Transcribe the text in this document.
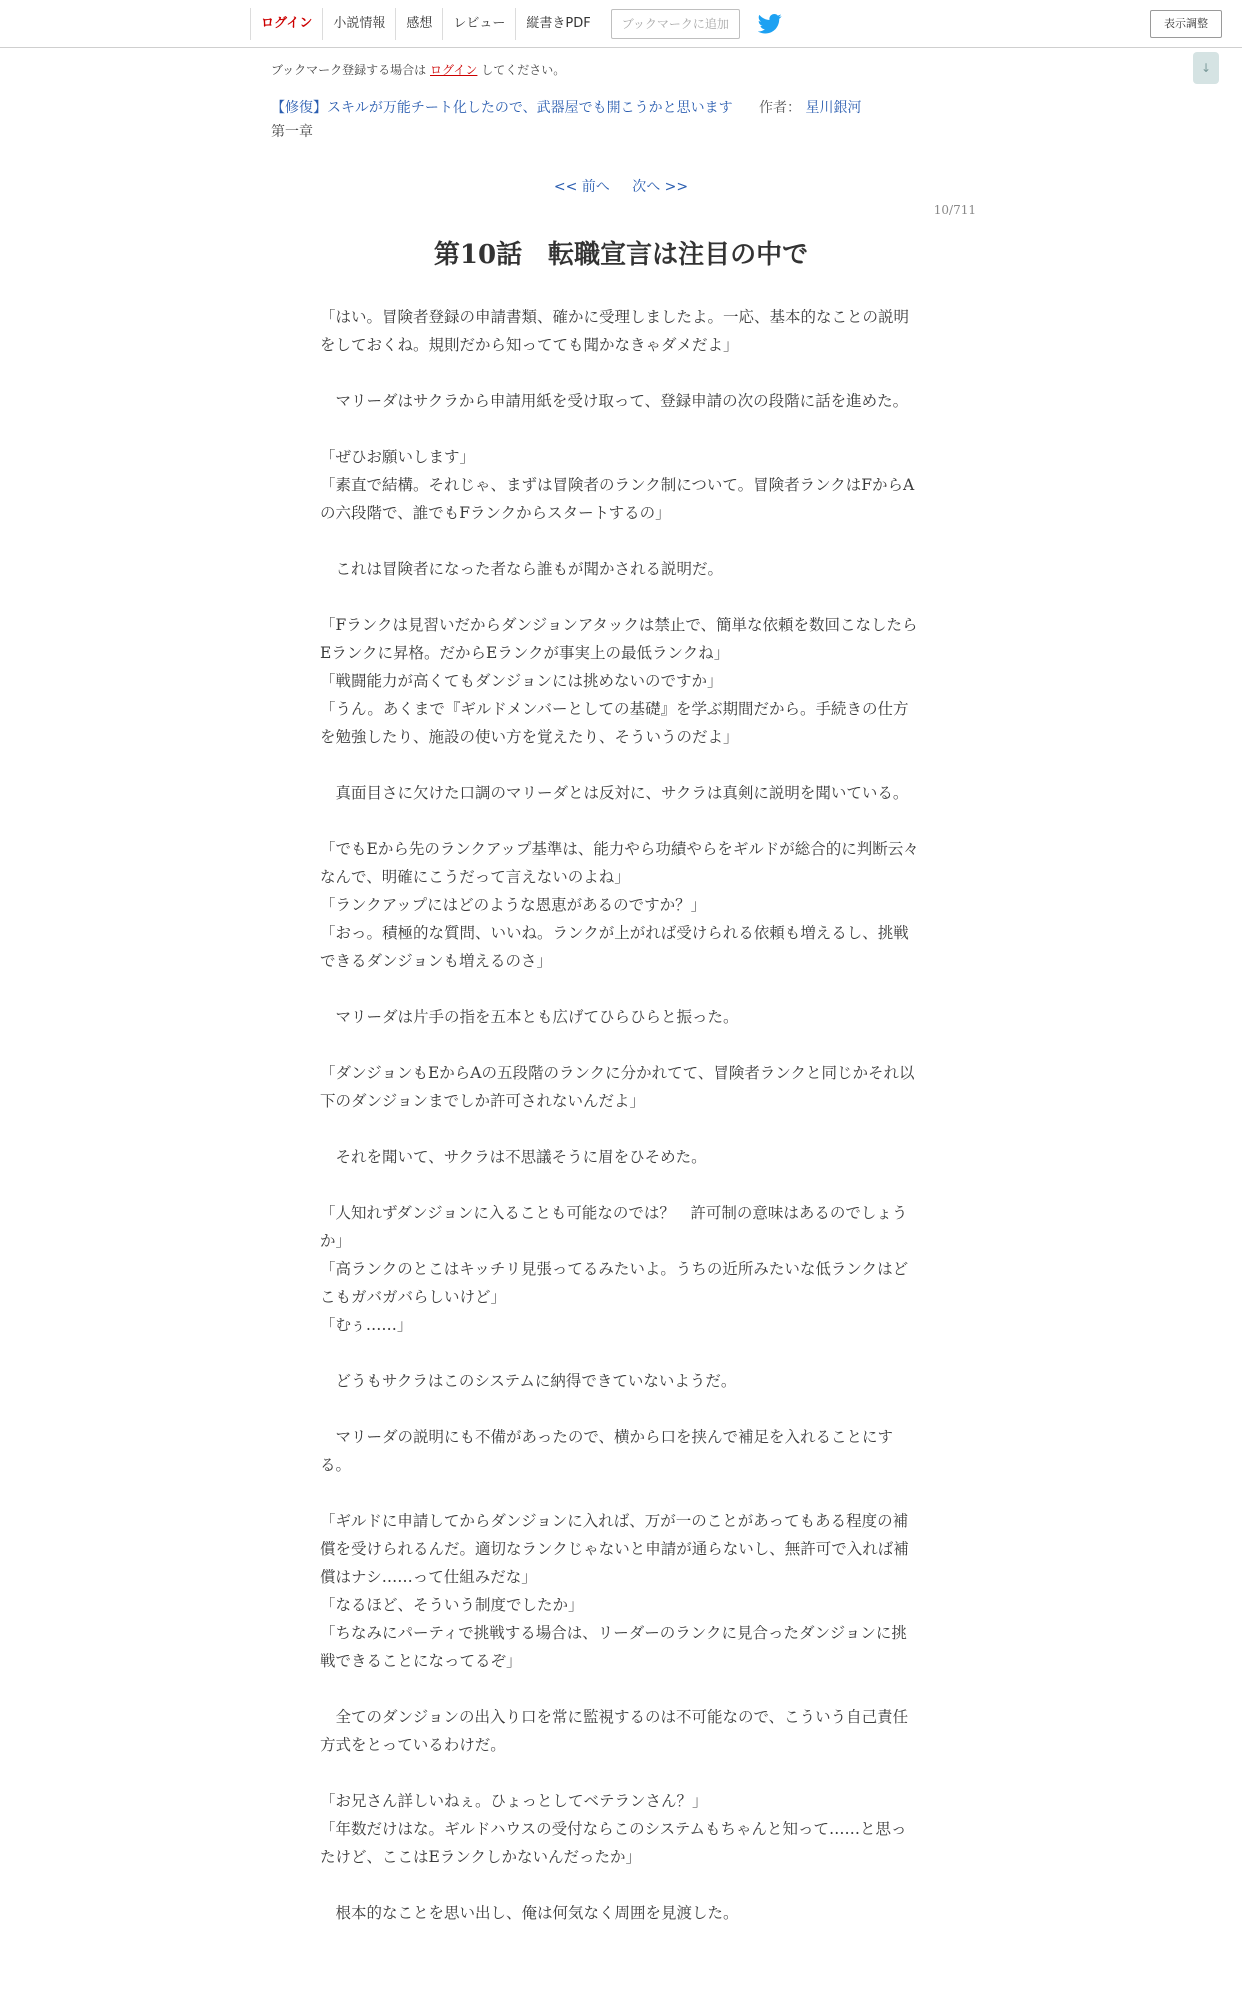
ログイン	小説情報	感想	レビュー	縦書きPDF	ブックマークに追加	表示調整
↓
ブックマーク登録する場合は ログイン してください。
【修復】スキルが万能チート化したので、武器屋でも開こうかと思います 作者： 星川銀河
第一章
<< 前へ 次へ >>
10/711
第10話　転職宣言は注目の中で

「はい。冒険者登録の申請書類、確かに受理しましたよ。一応、基本的なことの説明をしておくね。規則だから知ってても聞かなきゃダメだよ」

　マリーダはサクラから申請用紙を受け取って、登録申請の次の段階に話を進めた。

「ぜひお願いします」

「素直で結構。それじゃ、まずは冒険者のランク制について。冒険者ランクはFからAの六段階で、誰でもFランクからスタートするの」

　これは冒険者になった者なら誰もが聞かされる説明だ。

「Fランクは見習いだからダンジョンアタックは禁止で、簡単な依頼を数回こなしたらEランクに昇格。だからEランクが事実上の最低ランクね」

「戦闘能力が高くてもダンジョンには挑めないのですか」

「うん。あくまで『ギルドメンバーとしての基礎』を学ぶ期間だから。手続きの仕方を勉強したり、施設の使い方を覚えたり、そういうのだよ」

　真面目さに欠けた口調のマリーダとは反対に、サクラは真剣に説明を聞いている。

「でもEから先のランクアップ基準は、能力やら功績やらをギルドが総合的に判断云々なんで、明確にこうだって言えないのよね」

「ランクアップにはどのような恩恵があるのですか？」

「おっ。積極的な質問、いいね。ランクが上がれば受けられる依頼も増えるし、挑戦できるダンジョンも増えるのさ」

　マリーダは片手の指を五本とも広げてひらひらと振った。

「ダンジョンもEからAの五段階のランクに分かれてて、冒険者ランクと同じかそれ以下のダンジョンまでしか許可されないんだよ」

　それを聞いて、サクラは不思議そうに眉をひそめた。

「人知れずダンジョンに入ることも可能なのでは？　許可制の意味はあるのでしょうか」

「高ランクのとこはキッチリ見張ってるみたいよ。うちの近所みたいな低ランクはどこもガバガバらしいけど」

「むぅ……」

　どうもサクラはこのシステムに納得できていないようだ。

　マリーダの説明にも不備があったので、横から口を挟んで補足を入れることにする。

「ギルドに申請してからダンジョンに入れば、万が一のことがあってもある程度の補償を受けられるんだ。適切なランクじゃないと申請が通らないし、無許可で入れば補償はナシ……って仕組みだな」

「なるほど、そういう制度でしたか」

「ちなみにパーティで挑戦する場合は、リーダーのランクに見合ったダンジョンに挑戦できることになってるぞ」

　全てのダンジョンの出入り口を常に監視するのは不可能なので、こういう自己責任方式をとっているわけだ。

「お兄さん詳しいねぇ。ひょっとしてベテランさん？」

「年数だけはな。ギルドハウスの受付ならこのシステムもちゃんと知って……と思ったけど、ここはEランクしかないんだったか」

　根本的なことを思い出し、俺は何気なく周囲を見渡した。
